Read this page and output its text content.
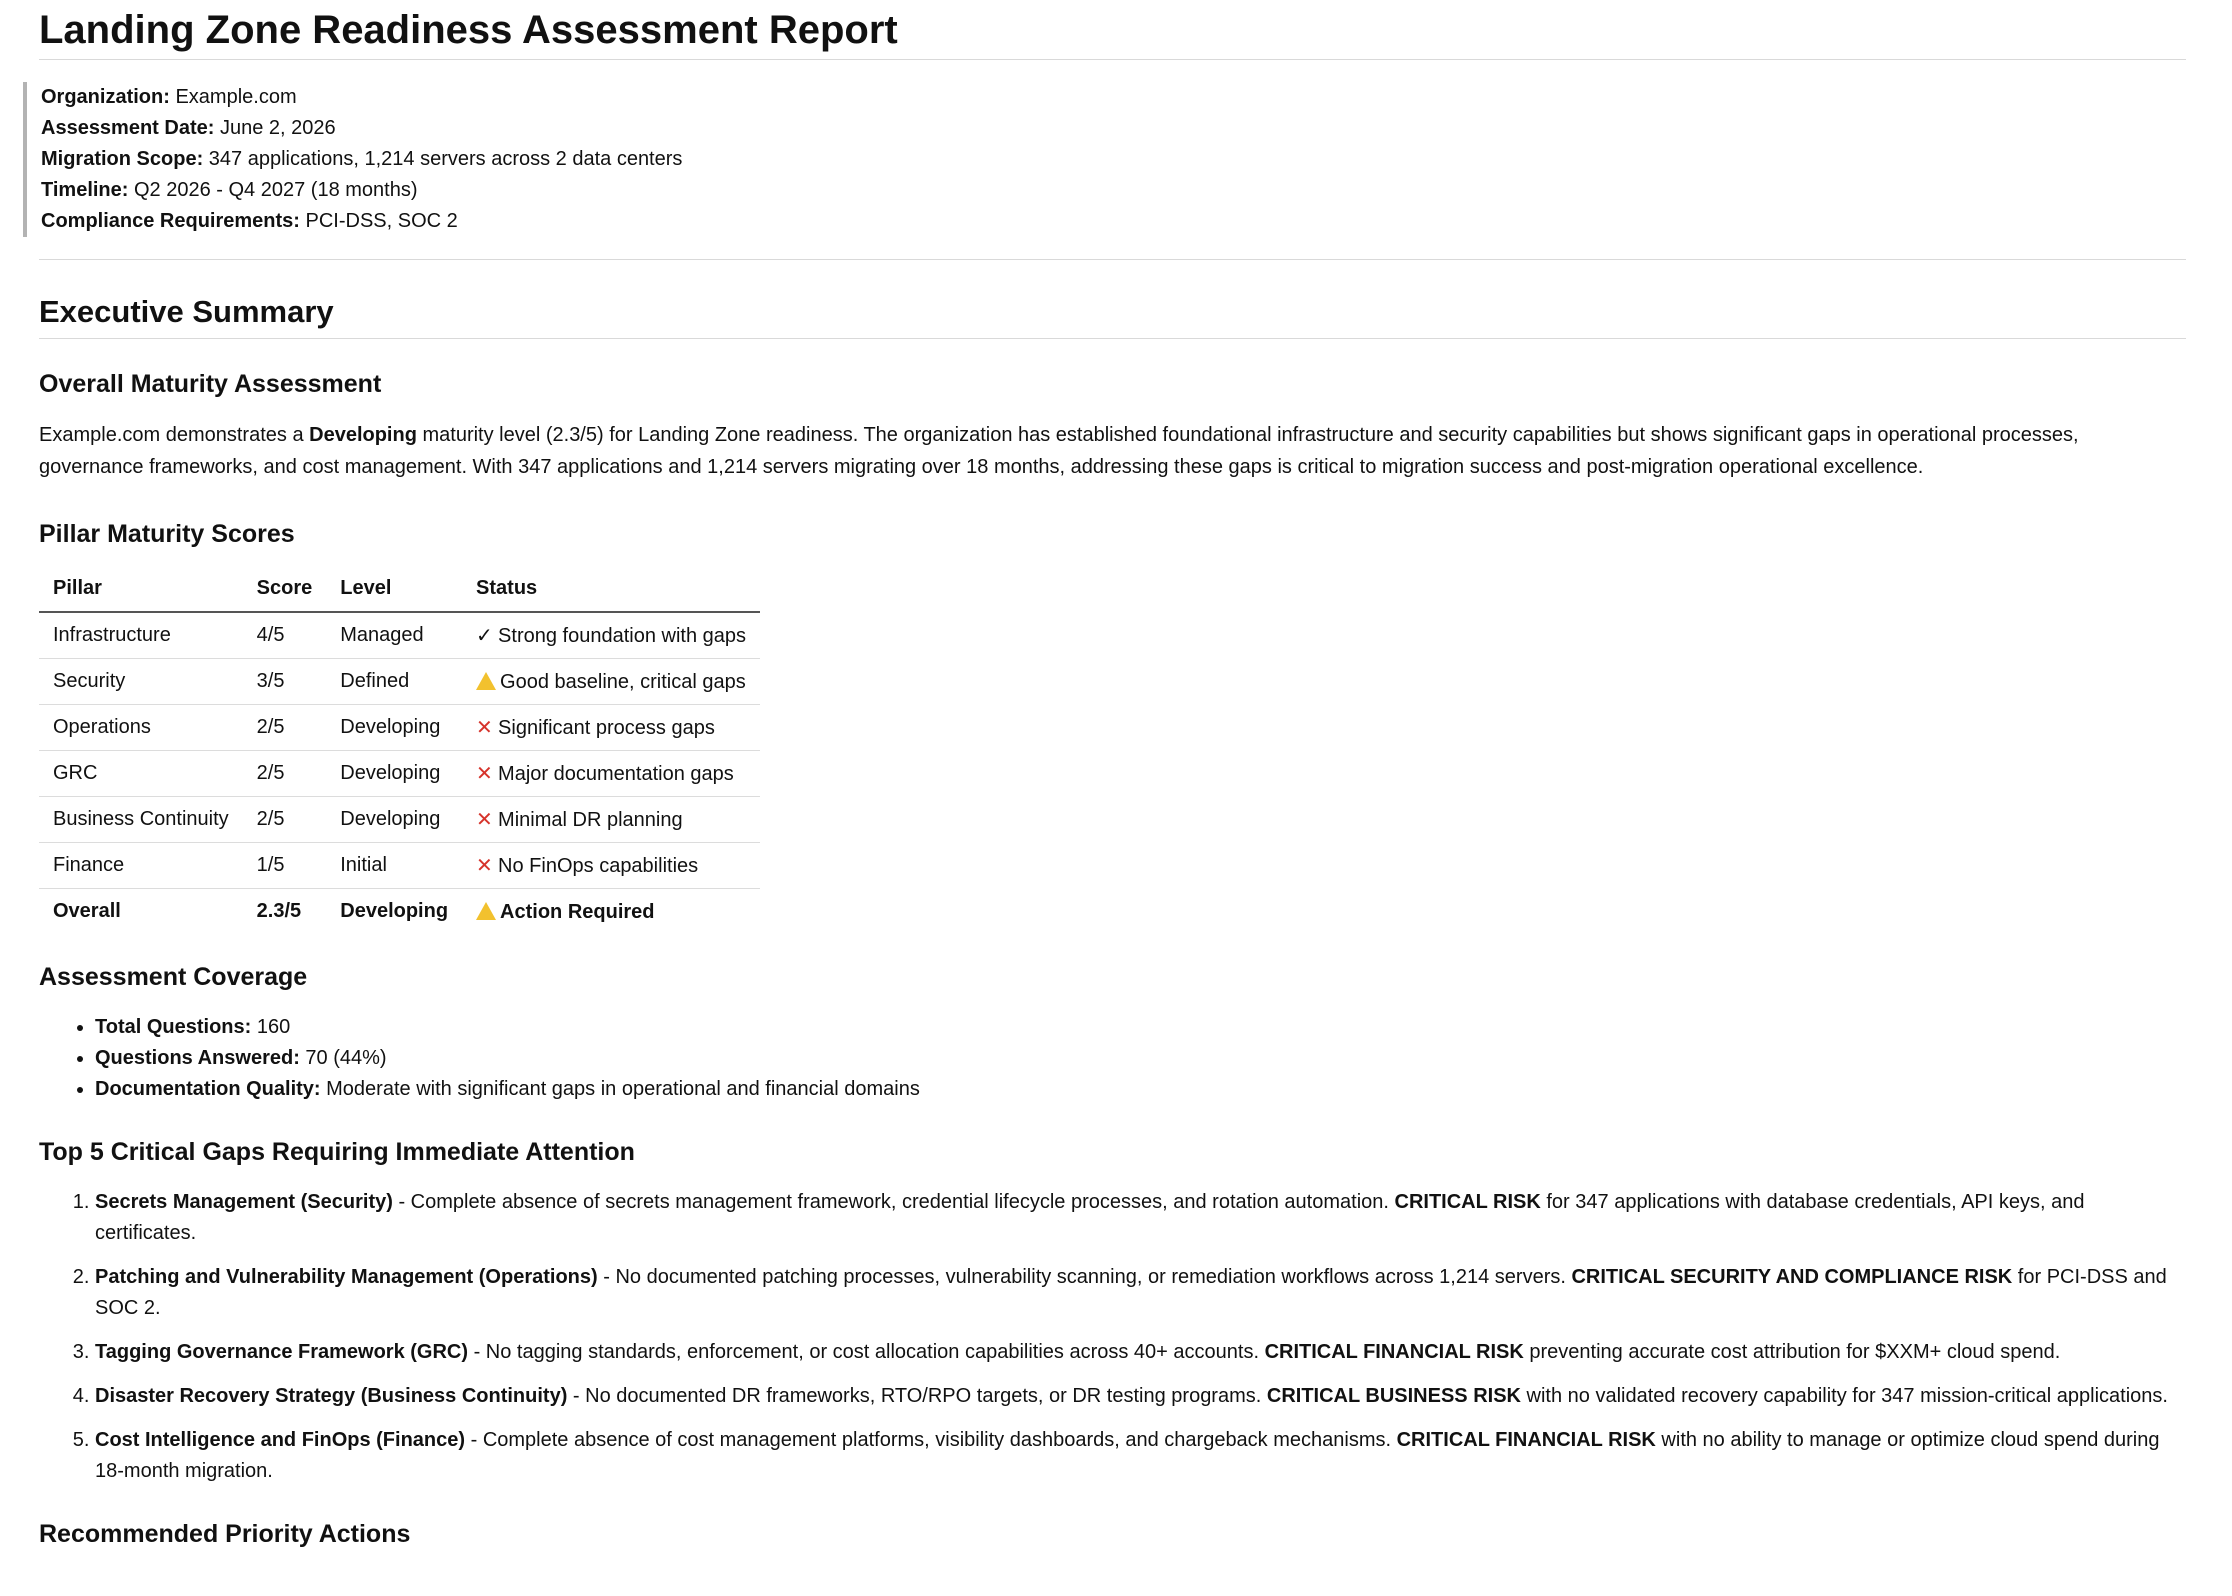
Landing Zone Readiness Assessment Report
Organization: Example.com
Assessment Date: June 2, 2026
Migration Scope: 347 applications, 1,214 servers across 2 data centers
Timeline: Q2 2026 - Q4 2027 (18 months)
Compliance Requirements: PCI-DSS, SOC 2
Executive Summary
Overall Maturity Assessment

Example.com demonstrates a Developing maturity level (2.3/5) for Landing Zone readiness. The organization has established foundational infrastructure and security capabilities but shows significant gaps in operational processes, governance frameworks, and cost management. With 347 applications and 1,214 servers migrating over 18 months, addressing these gaps is critical to migration success and post-migration operational excellence.

Pillar Maturity Scores
Pillar	Score	Level	Status
Infrastructure	4/5	Managed	✓ Strong foundation with gaps
Security	3/5	Defined	Good baseline, critical gaps
Operations	2/5	Developing	✕ Significant process gaps
GRC	2/5	Developing	✕ Major documentation gaps
Business Continuity	2/5	Developing	✕ Minimal DR planning
Finance	1/5	Initial	✕ No FinOps capabilities
Overall	2.3/5	Developing	Action Required
Assessment Coverage
• Total Questions: 160
• Questions Answered: 70 (44%)
• Documentation Quality: Moderate with significant gaps in operational and financial domains
Top 5 Critical Gaps Requiring Immediate Attention
1. Secrets Management (Security) - Complete absence of secrets management framework, credential lifecycle processes, and rotation automation. CRITICAL RISK for 347 applications with database credentials, API keys, and certificates.
2. Patching and Vulnerability Management (Operations) - No documented patching processes, vulnerability scanning, or remediation workflows across 1,214 servers. CRITICAL SECURITY AND COMPLIANCE RISK for PCI-DSS and SOC 2.
3. Tagging Governance Framework (GRC) - No tagging standards, enforcement, or cost allocation capabilities across 40+ accounts. CRITICAL FINANCIAL RISK preventing accurate cost attribution for $XXM+ cloud spend.
4. Disaster Recovery Strategy (Business Continuity) - No documented DR frameworks, RTO/RPO targets, or DR testing programs. CRITICAL BUSINESS RISK with no validated recovery capability for 347 mission-critical applications.
5. Cost Intelligence and FinOps (Finance) - Complete absence of cost management platforms, visibility dashboards, and chargeback mechanisms. CRITICAL FINANCIAL RISK with no ability to manage or optimize cloud spend during 18-month migration.
Recommended Priority Actions
